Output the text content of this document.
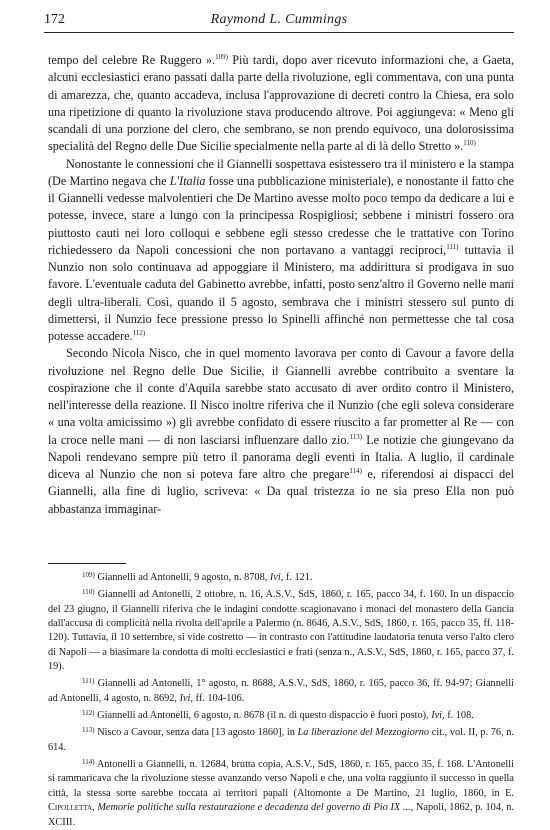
172	Raymond L. Cummings

tempo del celebre Re Ruggero ».$^{109)}$ Più tardi, dopo aver ricevuto informazioni che, a Gaeta, alcuni ecclesiastici erano passati dalla parte della rivoluzione, egli commentava, con una punta di amarezza, che, quanto accadeva, inclusa l'approvazione di decreti contro la Chiesa, era solo una ripetizione di quanto la rivoluzione stava producendo altrove. Poi aggiungeva: « Meno gli scandali di una porzione del clero, che sembrano, se non prendo equivoco, una dolorosissima specialità del Regno delle Due Sicilie specialmente nella parte al di là dello Stretto ».$^{110)}$

Nonostante le connessioni che il Giannelli sospettava esistessero tra il ministero e la stampa (De Martino negava che L'Italia fosse una pubblicazione ministeriale), e nonostante il fatto che il Giannelli vedesse malvolentieri che De Martino avesse molto poco tempo da dedicare a lui e potesse, invece, stare a lungo con la principessa Rospigliosi; sebbene i ministri fossero ora piuttosto cauti nei loro colloqui e sebbene egli stesso credesse che le trattative con Torino richiedessero da Napoli concessioni che non portavano a vantaggi reciproci,$^{111)}$ tuttavia il Nunzio non solo continuava ad appoggiare il Ministero, ma addirittura si prodigava in suo favore. L'eventuale caduta del Gabinetto avrebbe, infatti, posto senz'altro il Governo nelle mani degli ultra-liberali. Così, quando il 5 agosto, sembrava che i ministri stessero sul punto di dimettersi, il Nunzio fece pressione presso lo Spinelli affinché non permettesse che tal cosa potesse accadere.$^{112)}$

Secondo Nicola Nisco, che in quel momento lavorava per conto di Cavour a favore della rivoluzione nel Regno delle Due Sicilie, il Giannelli avrebbe contribuito a sventare la cospirazione che il conte d'Aquila sarebbe stato accusato di aver ordito contro il Ministero, nell'interesse della reazione. Il Nisco inoltre riferiva che il Nunzio (che egli soleva considerare « una volta amicissimo ») gli avrebbe confidato di essere riuscito a far prometter al Re — con la croce nelle mani — di non lasciarsi influenzare dallo zio.$^{113)}$ Le notizie che giungevano da Napoli rendevano sempre più tetro il panorama degli eventi in Italia. A luglio, il cardinale diceva al Nunzio che non si poteva fare altro che pregare$^{114)}$ e, riferendosi ai dispacci del Giannelli, alla fine di luglio, scriveva: « Da qual tristezza io ne sia preso Ella non può abbastanza immaginar-

$^{109)}$ Giannelli ad Antonelli, 9 agosto, n. 8708, Ivi, f. 121.

$^{110)}$ Giannelli ad Antonelli, 2 ottobre, n. 16, A.S.V., SdS, 1860, r. 165, pacco 34, f. 160. In un dispaccio del 23 giugno, il Giannelli riferiva che le indagini condotte scagionavano i monaci del monastero della Gancia dall'accusa di complicità nella rivolta dell'aprile a Palermo (n. 8646, A.S.V., SdS, 1860, r. 165, pacco 35, ff. 118-120). Tuttavia, il 10 settembre, si vide costretto — in contrasto con l'attitudine laudatoria tenuta verso l'alto clero di Napoli — a biasimare la condotta di molti ecclesiastici e frati (senza n., A.S.V., SdS, 1860, r. 165, pacco 37, f. 19).

$^{111)}$ Giannelli ad Antonelli, 1° agosto, n. 8688, A.S.V., SdS, 1860, r. 165, pacco 36, ff. 94-97; Giannelli ad Antonelli, 4 agosto, n. 8692, Ivi, ff. 104-106.

$^{112)}$ Giannelli ad Antonelli, 6 agosto, n. 8678 (il n. di questo dispaccio è fuori posto), Ivi, f. 108.

$^{113)}$ Nisco a Cavour, senza data [13 agosto 1860], in La liberazione del Mezzogiorno cit., vol. II, p. 76, n. 614.

$^{114)}$ Antonelli a Giannelli, n. 12684, brutta copia, A.S.V., SdS, 1860, r. 165, pacco 35, f. 168. L'Antonelli si rammaricava che la rivoluzione stesse avanzando verso Napoli e che, una volta raggiunto il successo in quella città, la stessa sorte sarebbe toccata ai territori papali (Altomonte a De Martino, 21 luglio, 1860, in E. Cipolletta, Memorie politiche sulla restaurazione e decadenza del governo di Pio IX ..., Napoli, 1862, p. 104, n. XCIII.
